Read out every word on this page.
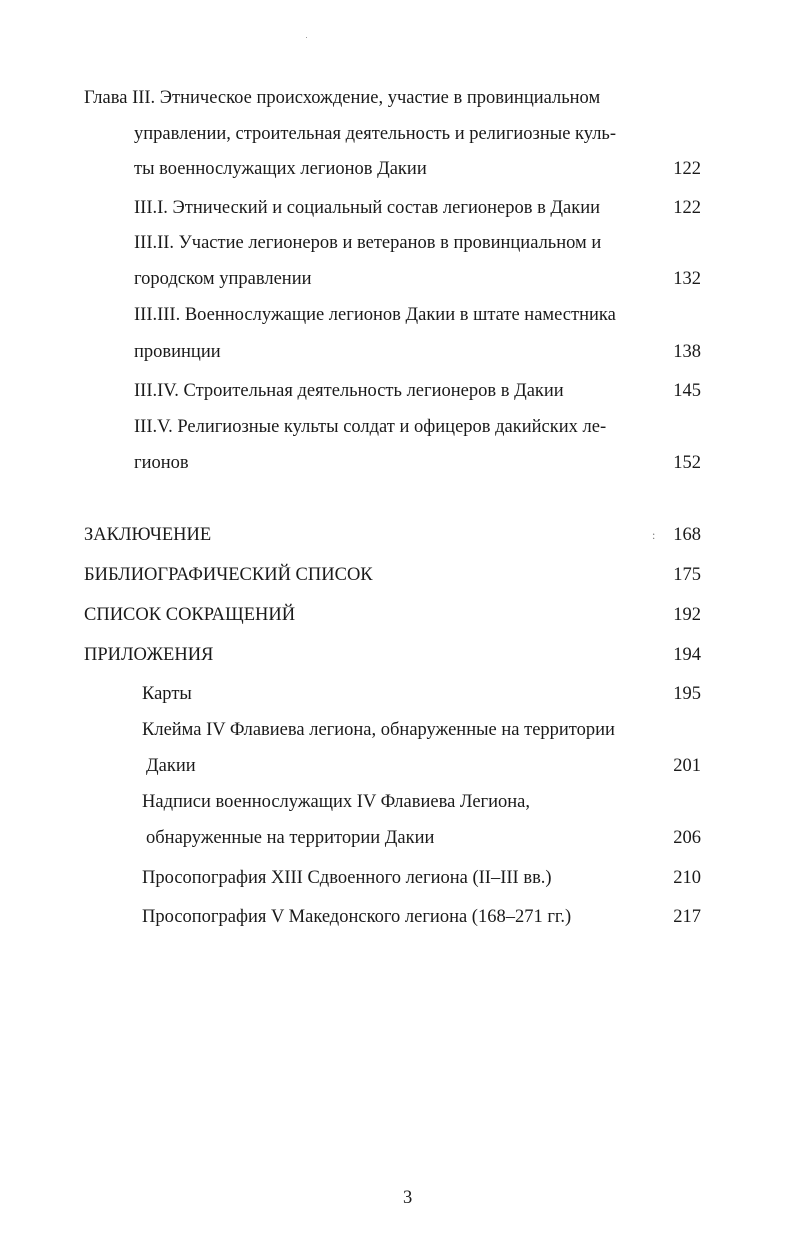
Глава III. Этническое происхождение, участие в провинциальном
управлении, строительная деятельность и религиозные куль-
ты военнослужащих легионов Дакии	122
III.I. Этнический и социальный состав легионеров в Дакии	122
III.II. Участие легионеров и ветеранов в провинциальном и
городском управлении	132
III.III. Военнослужащие легионов Дакии в штате наместника
провинции	138
III.IV. Строительная деятельность легионеров в Дакии	145
III.V. Религиозные культы солдат и офицеров дакийских ле-
гионов	152
ЗАКЛЮЧЕНИЕ	: 168
БИБЛИОГРАФИЧЕСКИЙ СПИСОК	175
СПИСОК СОКРАЩЕНИЙ	192
ПРИЛОЖЕНИЯ	194
Карты	195
Клейма IV Флавиева легиона, обнаруженные на территории
Дакии	201
Надписи военнослужащих IV Флавиева Легиона,
обнаруженные на территории Дакии	206
Просопография XIII Сдвоенного легиона (II–III вв.)	210
Просопография V Македонского легиона (168–271 гг.)	217
3
